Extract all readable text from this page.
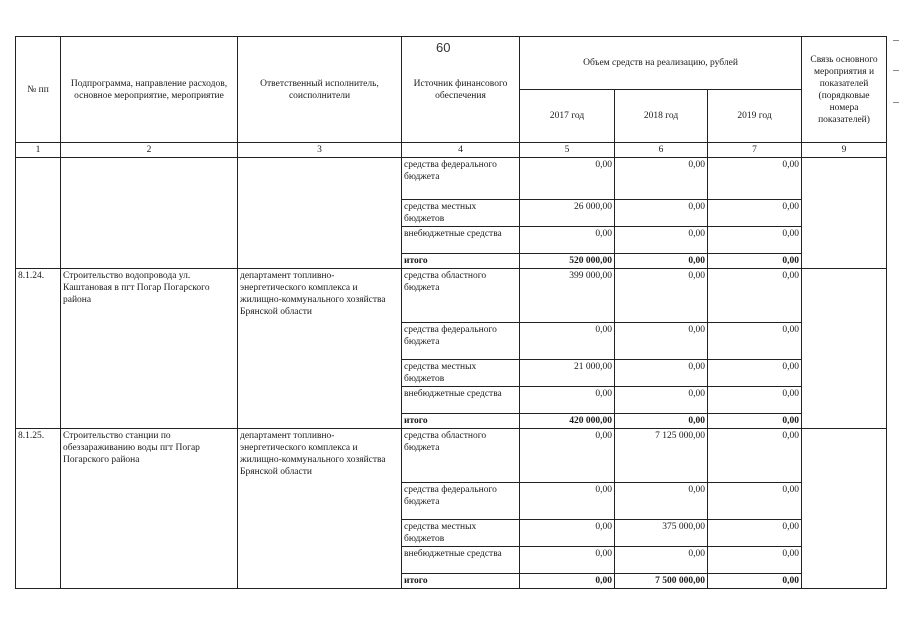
60
№ пп	Подпрограмма, направление расходов, основное мероприятие, мероприятие	Ответственный исполнитель, соисполнители	Источник финансового обеспечения	Объем средств на реализацию, рублей			Связь основного мероприятия и показателей (порядковые номера показателей)
				2017 год	2018 год	2019 год	
1	2	3	4	5	6	7	9
			средства федерального бюджета	0,00	0,00	0,00	
			средства местных бюджетов	26 000,00	0,00	0,00	
			внебюджетные средства	0,00	0,00	0,00	
			итого	520 000,00	0,00	0,00	
8.1.24.	Строительство водопровода ул. Каштановая в пгт Погар Погарского района	департамент топливно-энергетического комплекса и жилищно-коммунального хозяйства Брянской области	средства областного бюджета	399 000,00	0,00	0,00	
			средства федерального бюджета	0,00	0,00	0,00	
			средства местных бюджетов	21 000,00	0,00	0,00	
			внебюджетные средства	0,00	0,00	0,00	
			итого	420 000,00	0,00	0,00	
8.1.25.	Строительство станции по обеззараживанию воды пгт Погар Погарского района	департамент топливно-энергетического комплекса и жилищно-коммунального хозяйства Брянской области	средства областного бюджета	0,00	7 125 000,00	0,00	
			средства федерального бюджета	0,00	0,00	0,00	
			средства местных бюджетов	0,00	375 000,00	0,00	
			внебюджетные средства	0,00	0,00	0,00	
			итого	0,00	7 500 000,00	0,00	
